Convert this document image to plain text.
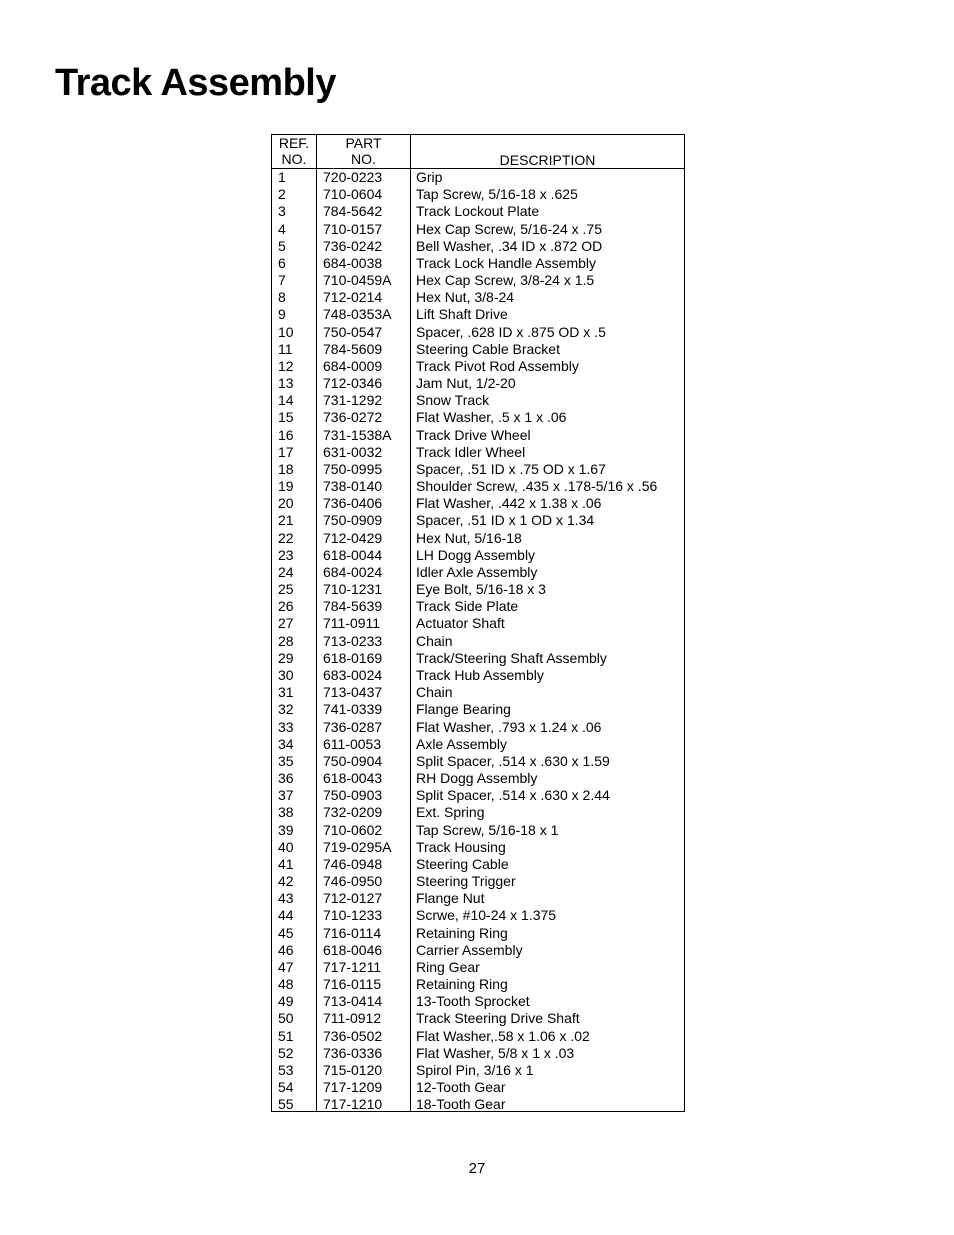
Track Assembly
REF.
NO.
PART
NO.	DESCRIPTION
1
2
3
4
5
6
7
8
9
10
11
12
13
14
15
16
17
18
19
20
21
22
23
24
25
26
27
28
29
30
31
32
33
34
35
36
37
38
39
40
41
42
43
44
45
46
47
48
49
50
51
52
53
54
55
720-0223
710-0604
784-5642
710-0157
736-0242
684-0038
710-0459A
712-0214
748-0353A
750-0547
784-5609
684-0009
712-0346
731-1292
736-0272
731-1538A
631-0032
750-0995
738-0140
736-0406
750-0909
712-0429
618-0044
684-0024
710-1231
784-5639
711-0911
713-0233
618-0169
683-0024
713-0437
741-0339
736-0287
611-0053
750-0904
618-0043
750-0903
732-0209
710-0602
719-0295A
746-0948
746-0950
712-0127
710-1233
716-0114
618-0046
717-1211
716-0115
713-0414
711-0912
736-0502
736-0336
715-0120
717-1209
717-1210
Grip
Tap Screw, 5/16-18 x .625
Track Lockout Plate
Hex Cap Screw, 5/16-24 x .75
Bell Washer, .34 ID x .872 OD
Track Lock Handle Assembly
Hex Cap Screw, 3/8-24 x 1.5
Hex Nut, 3/8-24
Lift Shaft Drive
Spacer, .628 ID x .875 OD x .5
Steering Cable Bracket
Track Pivot Rod Assembly
Jam Nut, 1/2-20
Snow Track
Flat Washer, .5 x 1 x .06
Track Drive Wheel
Track Idler Wheel
Spacer, .51 ID x .75 OD x 1.67
Shoulder Screw, .435 x .178-5/16 x .56
Flat Washer, .442 x 1.38 x .06
Spacer, .51 ID x 1 OD x 1.34
Hex Nut, 5/16-18
LH Dogg Assembly
Idler Axle Assembly
Eye Bolt, 5/16-18 x 3
Track Side Plate
Actuator Shaft
Chain
Track/Steering Shaft Assembly
Track Hub Assembly
Chain
Flange Bearing
Flat Washer, .793 x 1.24 x .06
Axle Assembly
Split Spacer, .514 x .630 x 1.59
RH Dogg Assembly
Split Spacer, .514 x .630 x 2.44
Ext. Spring
Tap Screw, 5/16-18 x 1
Track Housing
Steering Cable
Steering Trigger
Flange Nut
Scrwe, #10-24 x 1.375
Retaining Ring
Carrier Assembly
Ring Gear
Retaining Ring
13-Tooth Sprocket
Track Steering Drive Shaft
Flat Washer,.58 x 1.06 x .02
Flat Washer, 5/8 x 1 x .03
Spirol Pin, 3/16 x 1
12-Tooth Gear
18-Tooth Gear
27
